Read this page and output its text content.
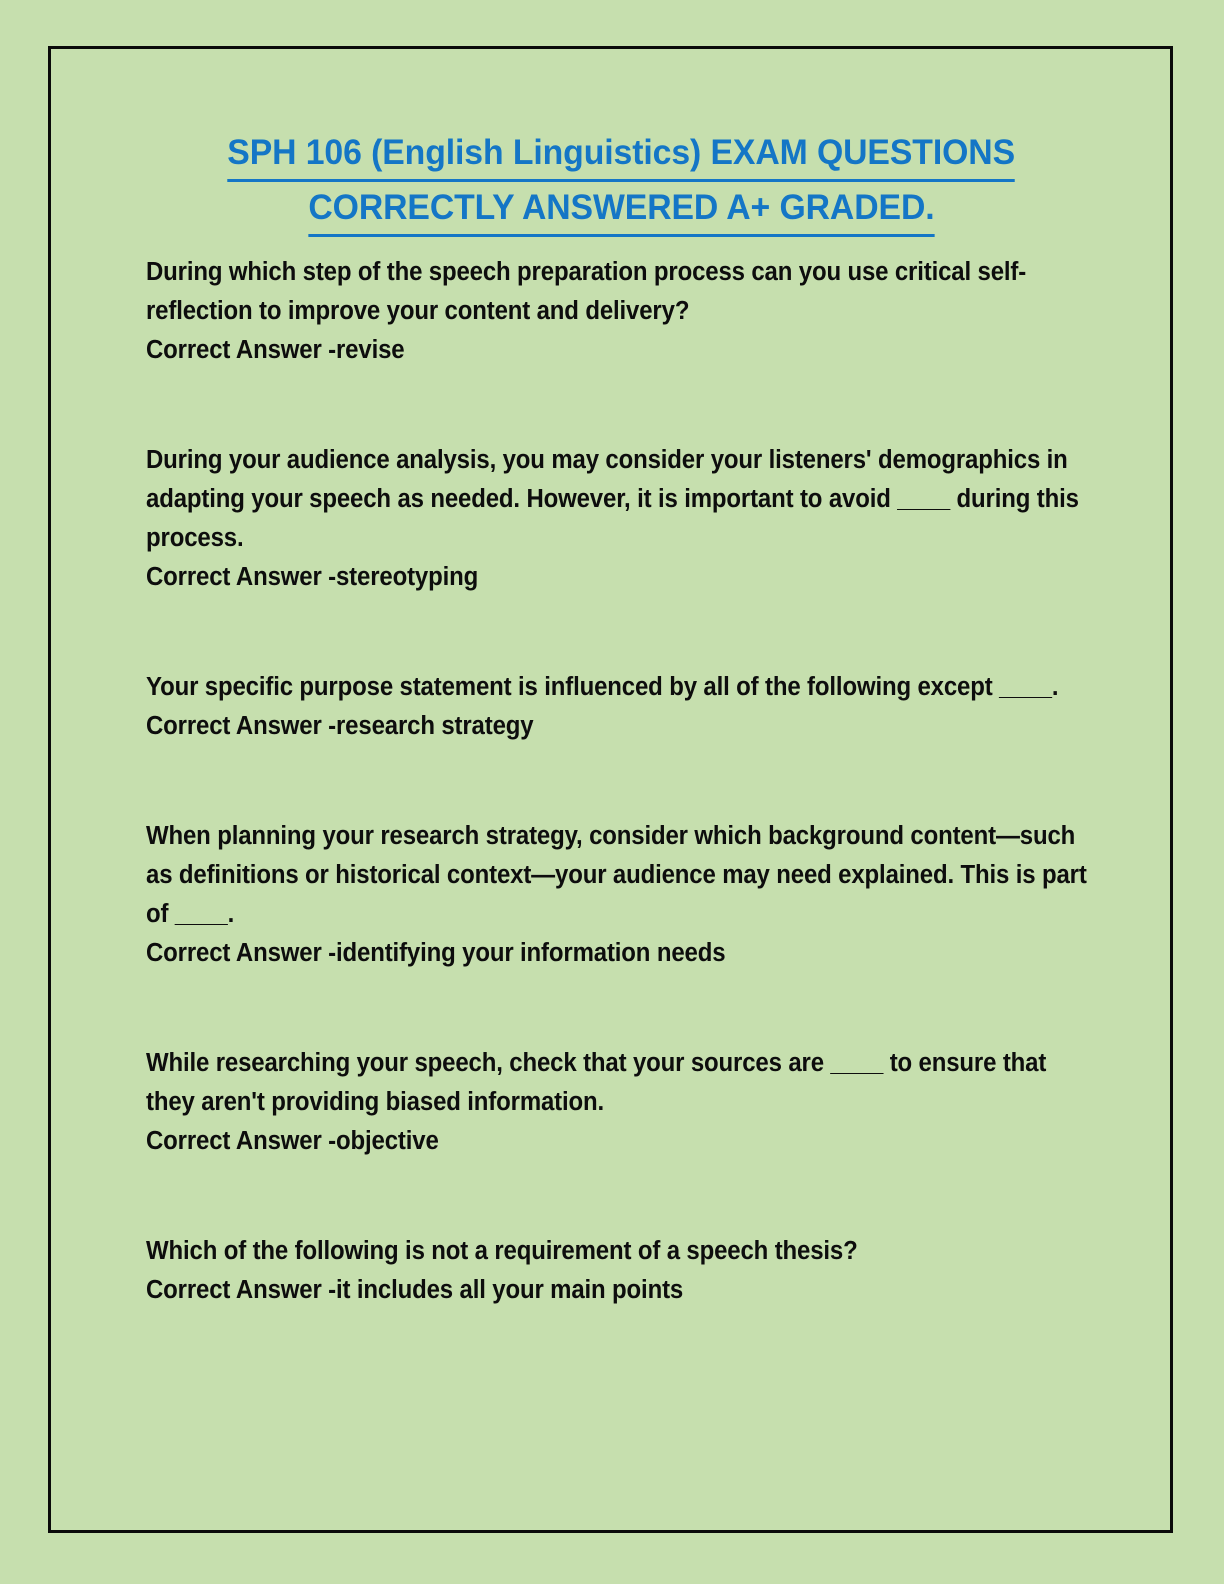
SPH 106 (English Linguistics) EXAM QUESTIONS
CORRECTLY ANSWERED A+ GRADED.

During which step of the speech preparation process can you use critical self-reflection to improve your content and delivery?

Correct Answer -revise

During your audience analysis, you may consider your listeners' demographics in adapting your speech as needed. However, it is important to avoid ____ during this process.

Correct Answer -stereotyping

Your specific purpose statement is influenced by all of the following except ____.

Correct Answer -research strategy

When planning your research strategy, consider which background content—such as definitions or historical context—your audience may need explained. This is part of ____.

Correct Answer -identifying your information needs

While researching your speech, check that your sources are ____ to ensure that they aren't providing biased information.

Correct Answer -objective

Which of the following is not a requirement of a speech thesis?

Correct Answer -it includes all your main points
